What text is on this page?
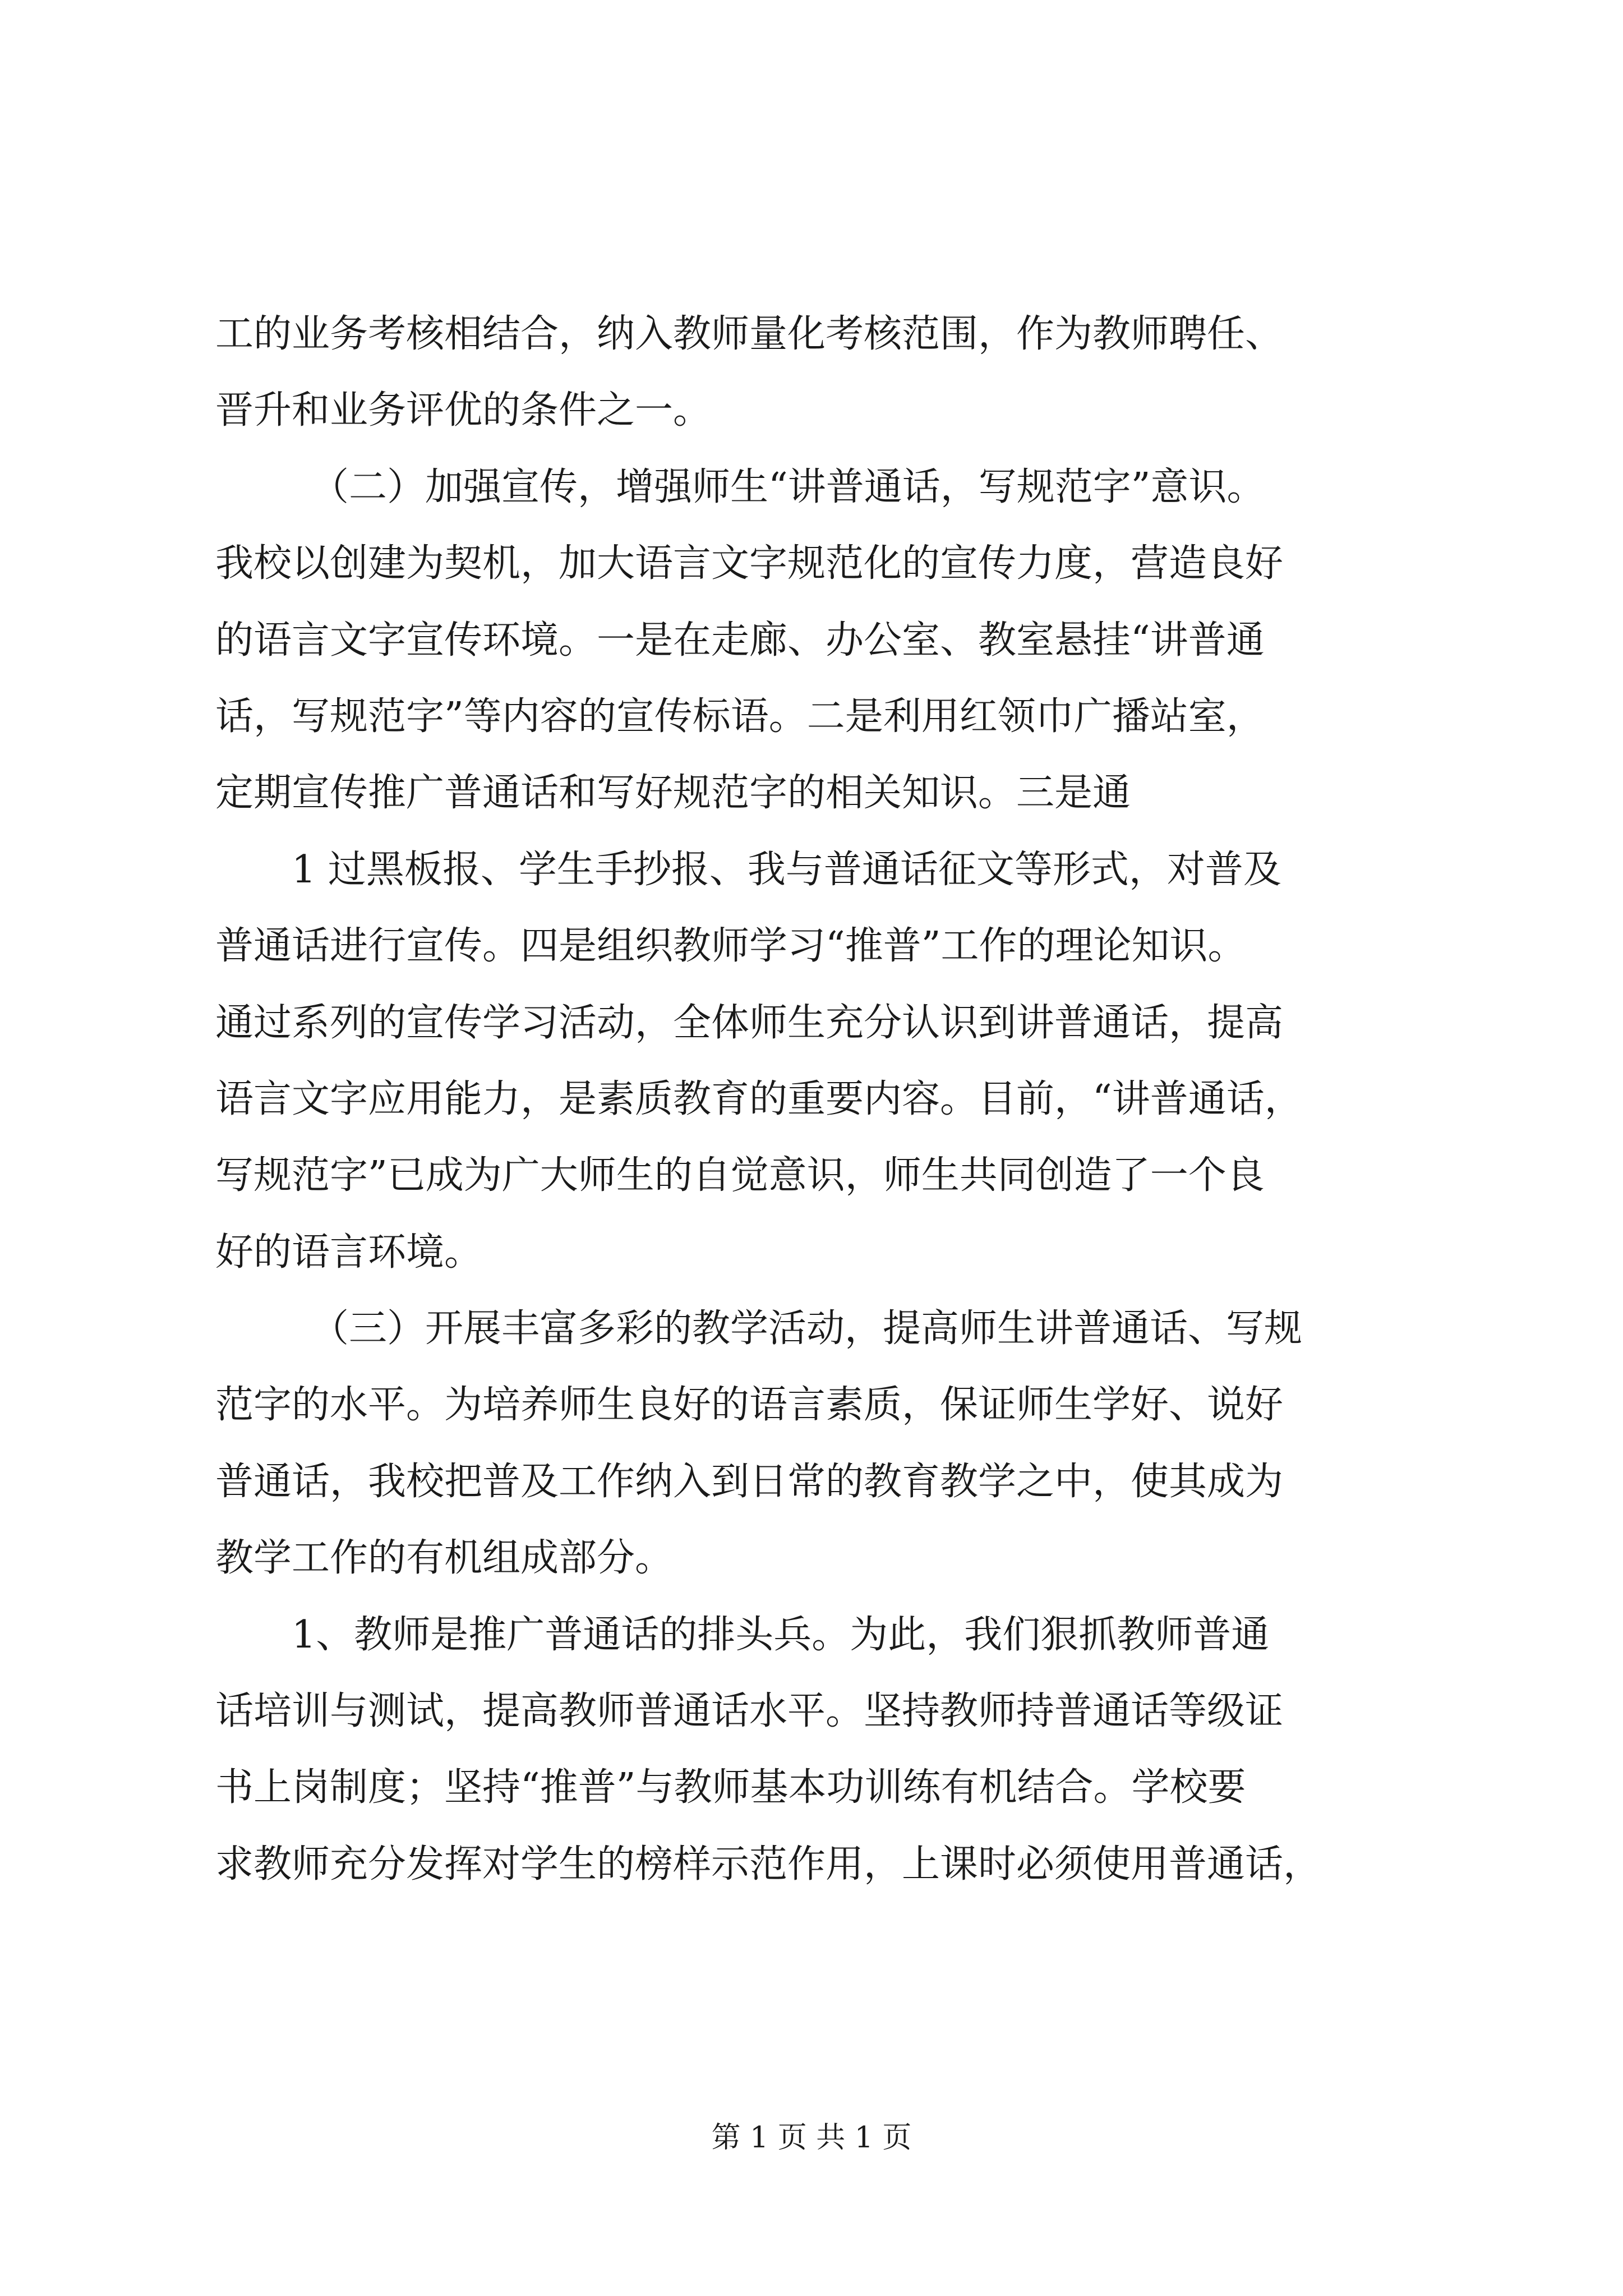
工的业务考核相结合，纳入教师量化考核范围，作为教师聘任、
晋升和业务评优的条件之一。
（二）加强宣传，增强师生“讲普通话，写规范字”意识。
我校以创建为契机，加大语言文字规范化的宣传力度，营造良好
的语言文字宣传环境。一是在走廊、办公室、教室悬挂“讲普通
话，写规范字”等内容的宣传标语。二是利用红领巾广播站室，
定期宣传推广普通话和写好规范字的相关知识。三是通
1 过黑板报、学生手抄报、我与普通话征文等形式，对普及
普通话进行宣传。四是组织教师学习“推普”工作的理论知识。
通过系列的宣传学习活动，全体师生充分认识到讲普通话，提高
语言文字应用能力，是素质教育的重要内容。目前，“讲普通话，
写规范字”已成为广大师生的自觉意识，师生共同创造了一个良
好的语言环境。
（三）开展丰富多彩的教学活动，提高师生讲普通话、写规
范字的水平。为培养师生良好的语言素质，保证师生学好、说好
普通话，我校把普及工作纳入到日常的教育教学之中，使其成为
教学工作的有机组成部分。
1、教师是推广普通话的排头兵。为此，我们狠抓教师普通
话培训与测试，提高教师普通话水平。坚持教师持普通话等级证
书上岗制度；坚持“推普”与教师基本功训练有机结合。学校要
求教师充分发挥对学生的榜样示范作用，上课时必须使用普通话，
第 1 页 共 1 页
